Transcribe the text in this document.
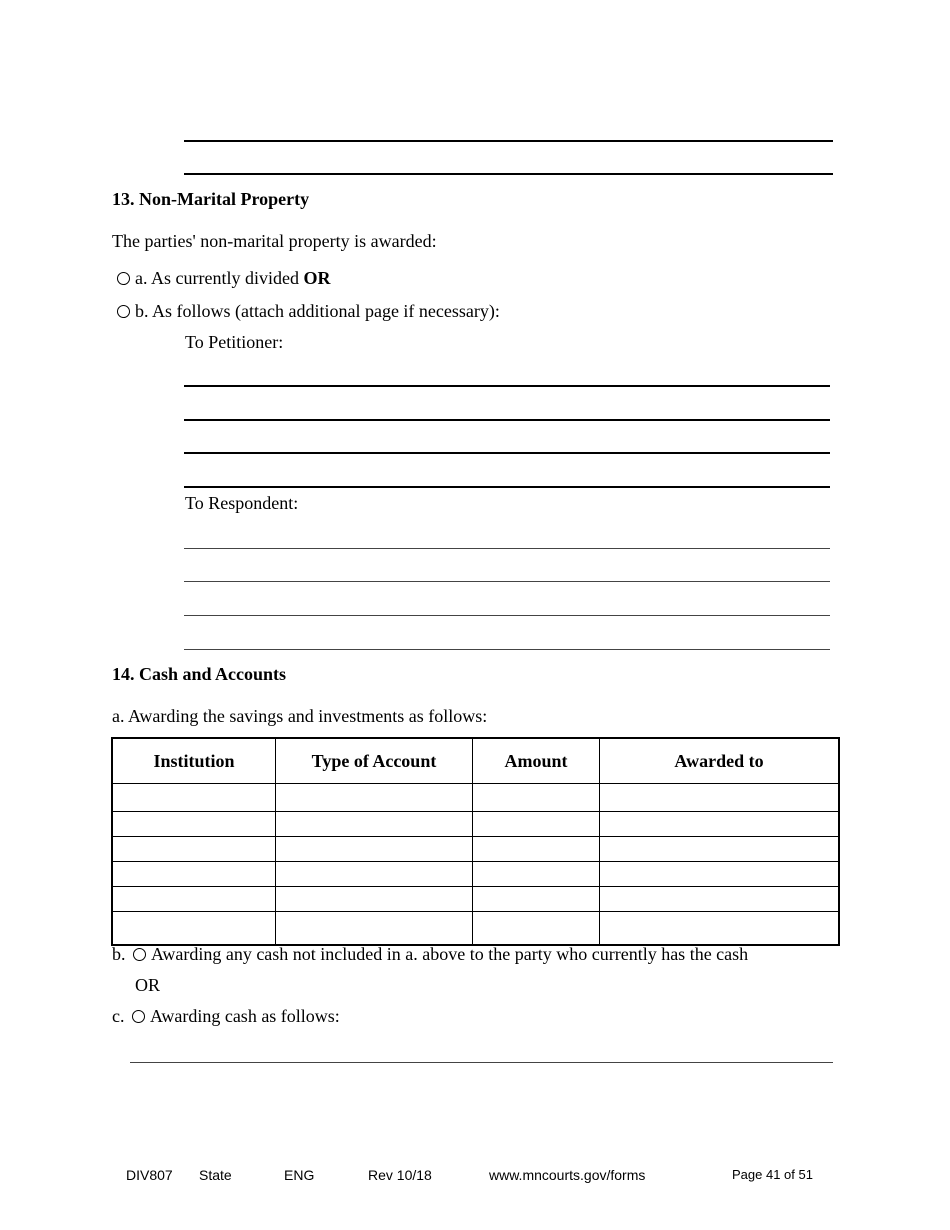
13. Non-Marital Property
The parties' non-marital property is awarded:
a. As currently divided OR
b. As follows (attach additional page if necessary):
To Petitioner:
To Respondent:
14. Cash and Accounts
a. Awarding the savings and investments as follows:
Institution	Type of Account	Amount	Awarded to

b. Awarding any cash not included in a. above to the party who currently has the cash
OR
c. Awarding cash as follows:
DIV807 State	ENG	Rev 10/18	www.mncourts.gov/forms	Page 41 of 51
